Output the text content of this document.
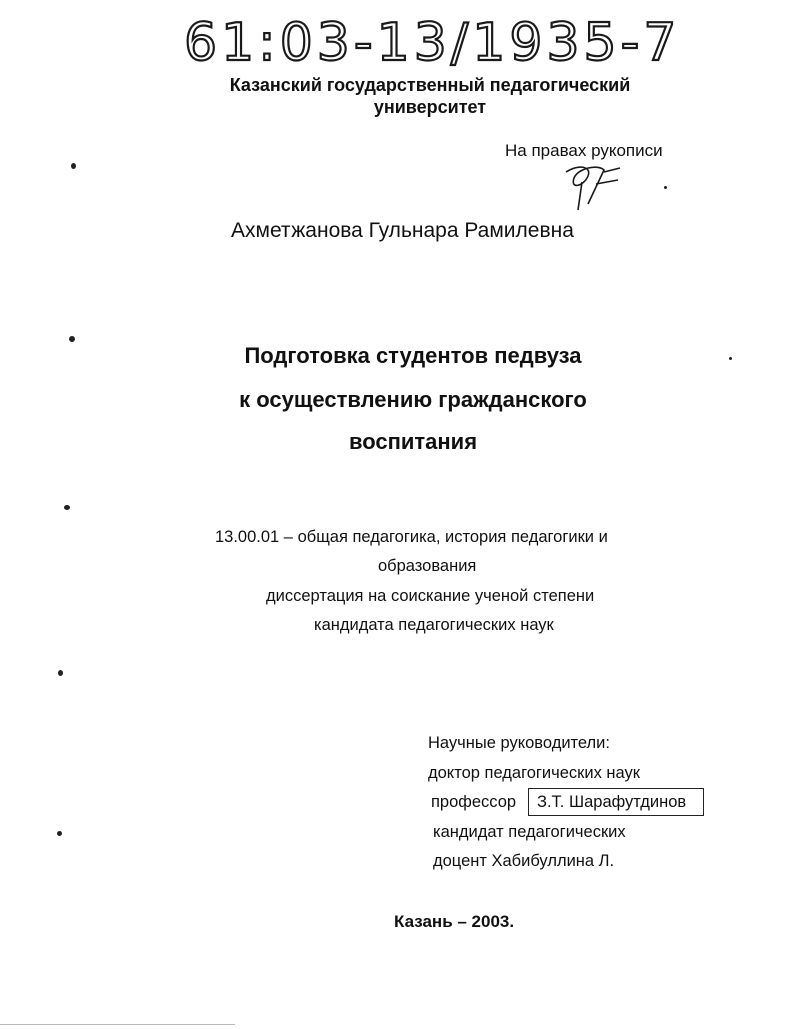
61:03-13/1935-7
Казанский государственный педагогический
университет
На правах рукописи
Ахметжанова Гульнара Рамилевна
Подготовка студентов педвуза
к осуществлению гражданского
воспитания
13.00.01 – общая педагогика, история педагогики и
образования
диссертация на соискание ученой степени
кандидата педагогических наук
Научные руководители:
доктор педагогических наук
профессор З.Т. Шарафутдинов
кандидат педагогических
доцент Хабибуллина Л.
Казань – 2003.
